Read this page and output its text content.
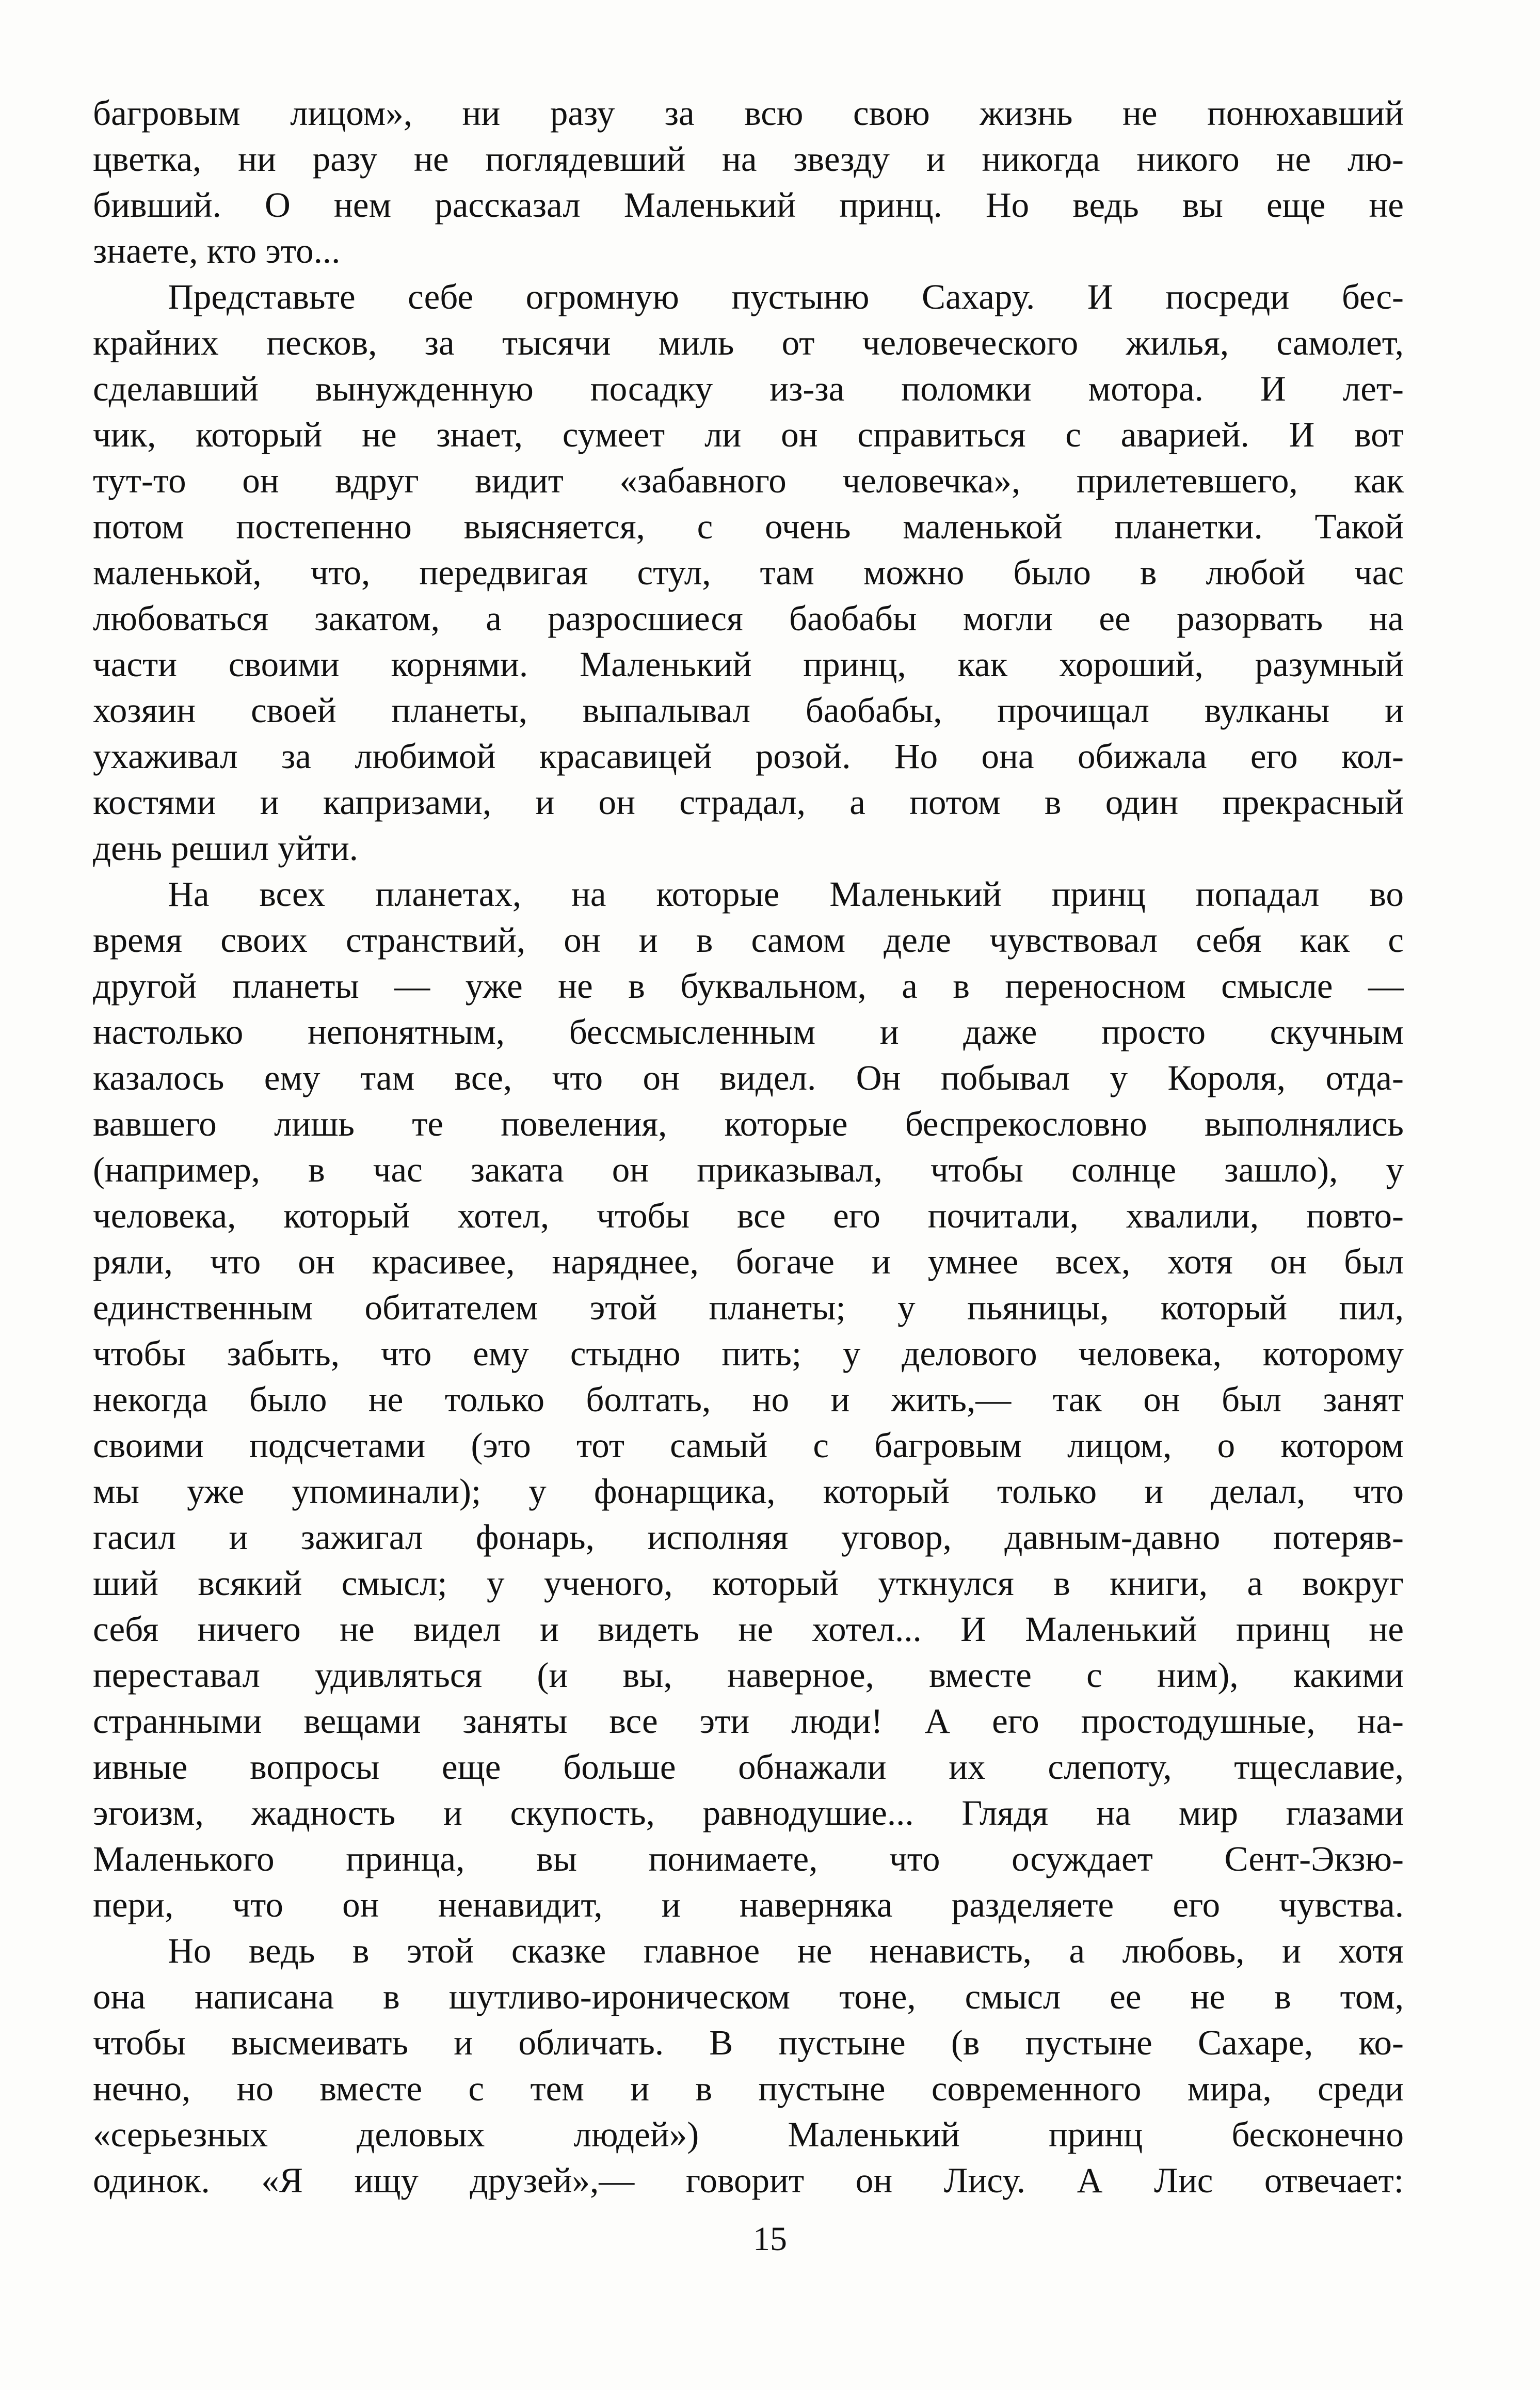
багровым лицом», ни разу за всю свою жизнь не понюхавший
цветка, ни разу не поглядевший на звезду и никогда никого не лю-
бивший. О нем рассказал Маленький принц. Но ведь вы еще не
знаете, кто это...
Представьте себе огромную пустыню Сахару. И посреди бес-
крайних песков, за тысячи миль от человеческого жилья, самолет,
сделавший вынужденную посадку из-за поломки мотора. И лет-
чик, который не знает, сумеет ли он справиться с аварией. И вот
тут-то он вдруг видит «забавного человечка», прилетевшего, как
потом постепенно выясняется, с очень маленькой планетки. Такой
маленькой, что, передвигая стул, там можно было в любой час
любоваться закатом, а разросшиеся баобабы могли ее разорвать на
части своими корнями. Маленький принц, как хороший, разумный
хозяин своей планеты, выпалывал баобабы, прочищал вулканы и
ухаживал за любимой красавицей розой. Но она обижала его кол-
костями и капризами, и он страдал, а потом в один прекрасный
день решил уйти.
На всех планетах, на которые Маленький принц попадал во
время своих странствий, он и в самом деле чувствовал себя как с
другой планеты — уже не в буквальном, а в переносном смысле —
настолько непонятным, бессмысленным и даже просто скучным
казалось ему там все, что он видел. Он побывал у Короля, отда-
вавшего лишь те повеления, которые беспрекословно выполнялись
(например, в час заката он приказывал, чтобы солнце зашло), у
человека, который хотел, чтобы все его почитали, хвалили, повто-
ряли, что он красивее, наряднее, богаче и умнее всех, хотя он был
единственным обитателем этой планеты; у пьяницы, который пил,
чтобы забыть, что ему стыдно пить; у делового человека, которому
некогда было не только болтать, но и жить,— так он был занят
своими подсчетами (это тот самый с багровым лицом, о котором
мы уже упоминали); у фонарщика, который только и делал, что
гасил и зажигал фонарь, исполняя уговор, давным-давно потеряв-
ший всякий смысл; у ученого, который уткнулся в книги, а вокруг
себя ничего не видел и видеть не хотел... И Маленький принц не
переставал удивляться (и вы, наверное, вместе с ним), какими
странными вещами заняты все эти люди! А его простодушные, на-
ивные вопросы еще больше обнажали их слепоту, тщеславие,
эгоизм, жадность и скупость, равнодушие... Глядя на мир глазами
Маленького принца, вы понимаете, что осуждает Сент-Экзю-
пери, что он ненавидит, и наверняка разделяете его чувства.
Но ведь в этой сказке главное не ненависть, а любовь, и хотя
она написана в шутливо-ироническом тоне, смысл ее не в том,
чтобы высмеивать и обличать. В пустыне (в пустыне Сахаре, ко-
нечно, но вместе с тем и в пустыне современного мира, среди
«серьезных деловых людей») Маленький принц бесконечно
одинок. «Я ищу друзей»,— говорит он Лису. А Лис отвечает:
15
